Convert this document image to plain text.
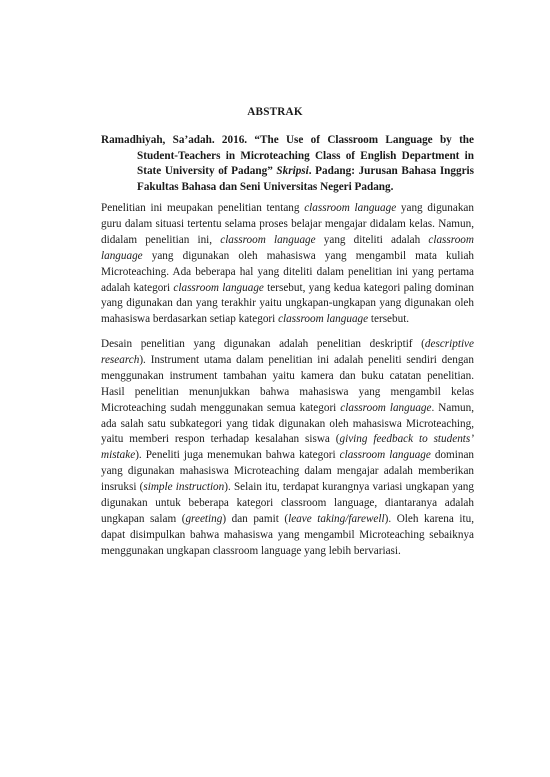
ABSTRAK
Ramadhiyah, Sa’adah. 2016. “The Use of Classroom Language by the Student-Teachers in Microteaching Class of English Department in State University of Padang” Skripsi. Padang: Jurusan Bahasa Inggris Fakultas Bahasa dan Seni Universitas Negeri Padang.

Penelitian ini meupakan penelitian tentang classroom language yang digunakan guru dalam situasi tertentu selama proses belajar mengajar didalam kelas. Namun, didalam penelitian ini, classroom language yang diteliti adalah classroom language yang digunakan oleh mahasiswa yang mengambil mata kuliah Microteaching. Ada beberapa hal yang diteliti dalam penelitian ini yang pertama adalah kategori classroom language tersebut, yang kedua kategori paling dominan yang digunakan dan yang terakhir yaitu ungkapan-ungkapan yang digunakan oleh mahasiswa berdasarkan setiap kategori classroom language tersebut.

Desain penelitian yang digunakan adalah penelitian deskriptif (descriptive research). Instrument utama dalam penelitian ini adalah peneliti sendiri dengan menggunakan instrument tambahan yaitu kamera dan buku catatan penelitian. Hasil penelitian menunjukkan bahwa mahasiswa yang mengambil kelas Microteaching sudah menggunakan semua kategori classroom language. Namun, ada salah satu subkategori yang tidak digunakan oleh mahasiswa Microteaching, yaitu memberi respon terhadap kesalahan siswa (giving feedback to students’ mistake). Peneliti juga menemukan bahwa kategori classroom language dominan yang digunakan mahasiswa Microteaching dalam mengajar adalah memberikan insruksi (simple instruction). Selain itu, terdapat kurangnya variasi ungkapan yang digunakan untuk beberapa kategori classroom language, diantaranya adalah ungkapan salam (greeting) dan pamit (leave taking/farewell). Oleh karena itu, dapat disimpulkan bahwa mahasiswa yang mengambil Microteaching sebaiknya menggunakan ungkapan classroom language yang lebih bervariasi.
